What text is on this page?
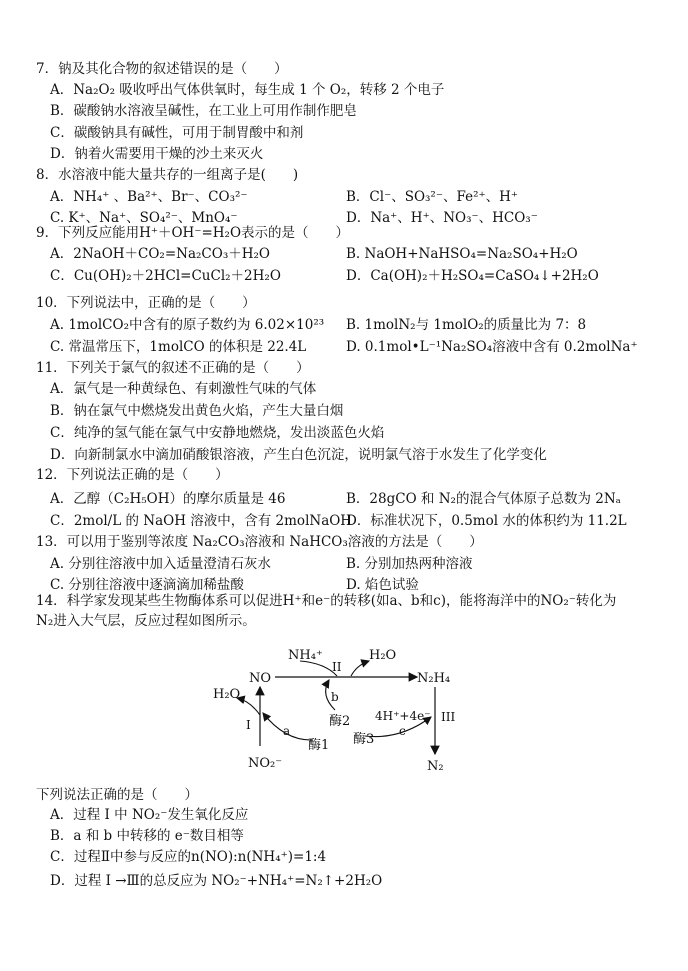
7．钠及其化合物的叙述错误的是（　　）
A．Na₂O₂ 吸收呼出气体供氧时，每生成 1 个 O₂，转移 2 个电子
B．碳酸钠水溶液呈碱性，在工业上可用作制作肥皂
C．碳酸钠具有碱性，可用于制胃酸中和剂
D．钠着火需要用干燥的沙土来灭火
8．水溶液中能大量共存的一组离子是(　　)
A．NH₄⁺ 、Ba²⁺、Br⁻、CO₃²⁻	B．Cl⁻、SO₃²⁻、Fe²⁺、H⁺
C. K⁺、Na⁺、SO₄²⁻、MnO₄⁻	D．Na⁺、H⁺、NO₃⁻、HCO₃⁻
9．下列反应能用H⁺＋OH⁻=H₂O表示的是（　　）
A．2NaOH＋CO₂=Na₂CO₃＋H₂O	B. NaOH+NaHSO₄=Na₂SO₄+H₂O
C．Cu(OH)₂＋2HCl=CuCl₂＋2H₂O	D．Ca(OH)₂＋H₂SO₄=CaSO₄↓+2H₂O
10．下列说法中，正确的是（　　）
A. 1molCO₂中含有的原子数约为 6.02×10²³ B. 1molN₂与 1molO₂的质量比为 7：8
C. 常温常压下，1molCO 的体积是 22.4L	D. 0.1mol•L⁻¹Na₂SO₄溶液中含有 0.2molNa⁺
11．下列关于氯气的叙述不正确的是（　　）
A．氯气是一种黄绿色、有刺激性气味的气体
B．钠在氯气中燃烧发出黄色火焰，产生大量白烟
C．纯净的氢气能在氯气中安静地燃烧，发出淡蓝色火焰
D．向新制氯水中滴加硝酸银溶液，产生白色沉淀，说明氯气溶于水发生了化学变化
12．下列说法正确的是（　　）
A．乙醇（C₂H₅OH）的摩尔质量是 46	B．28gCO 和 N₂的混合气体原子总数为 2Nₐ
C．2mol/L 的 NaOH 溶液中，含有 2molNaOH
D．标准状况下，0.5mol 水的体积约为 11.2L
13．可以用于鉴别等浓度 Na₂CO₃溶液和 NaHCO₃溶液的方法是（　　）
A. 分别往溶液中加入适量澄清石灰水	B. 分别加热两种溶液
C. 分别往溶液中逐滴滴加稀盐酸	D. 焰色试验
14．科学家发现某些生物酶体系可以促进H⁺和e⁻的转移(如a、b和c)，能将海洋中的NO₂⁻转化为
N₂进入大气层，反应过程如图所示。
NH₄⁺	H₂O
NO	N₂H₄
H₂O
I
II
III
a
b
c
酶1
酶2
酶3
4H⁺+4e⁻
NO₂⁻	N₂
下列说法正确的是（　　）
A．过程 I 中 NO₂⁻发生氧化反应
B．a 和 b 中转移的 e⁻数目相等
C．过程Ⅱ中参与反应的n(NO):n(NH₄⁺)=1:4
D．过程 I →Ⅲ的总反应为 NO₂⁻+NH₄⁺=N₂↑+2H₂O
